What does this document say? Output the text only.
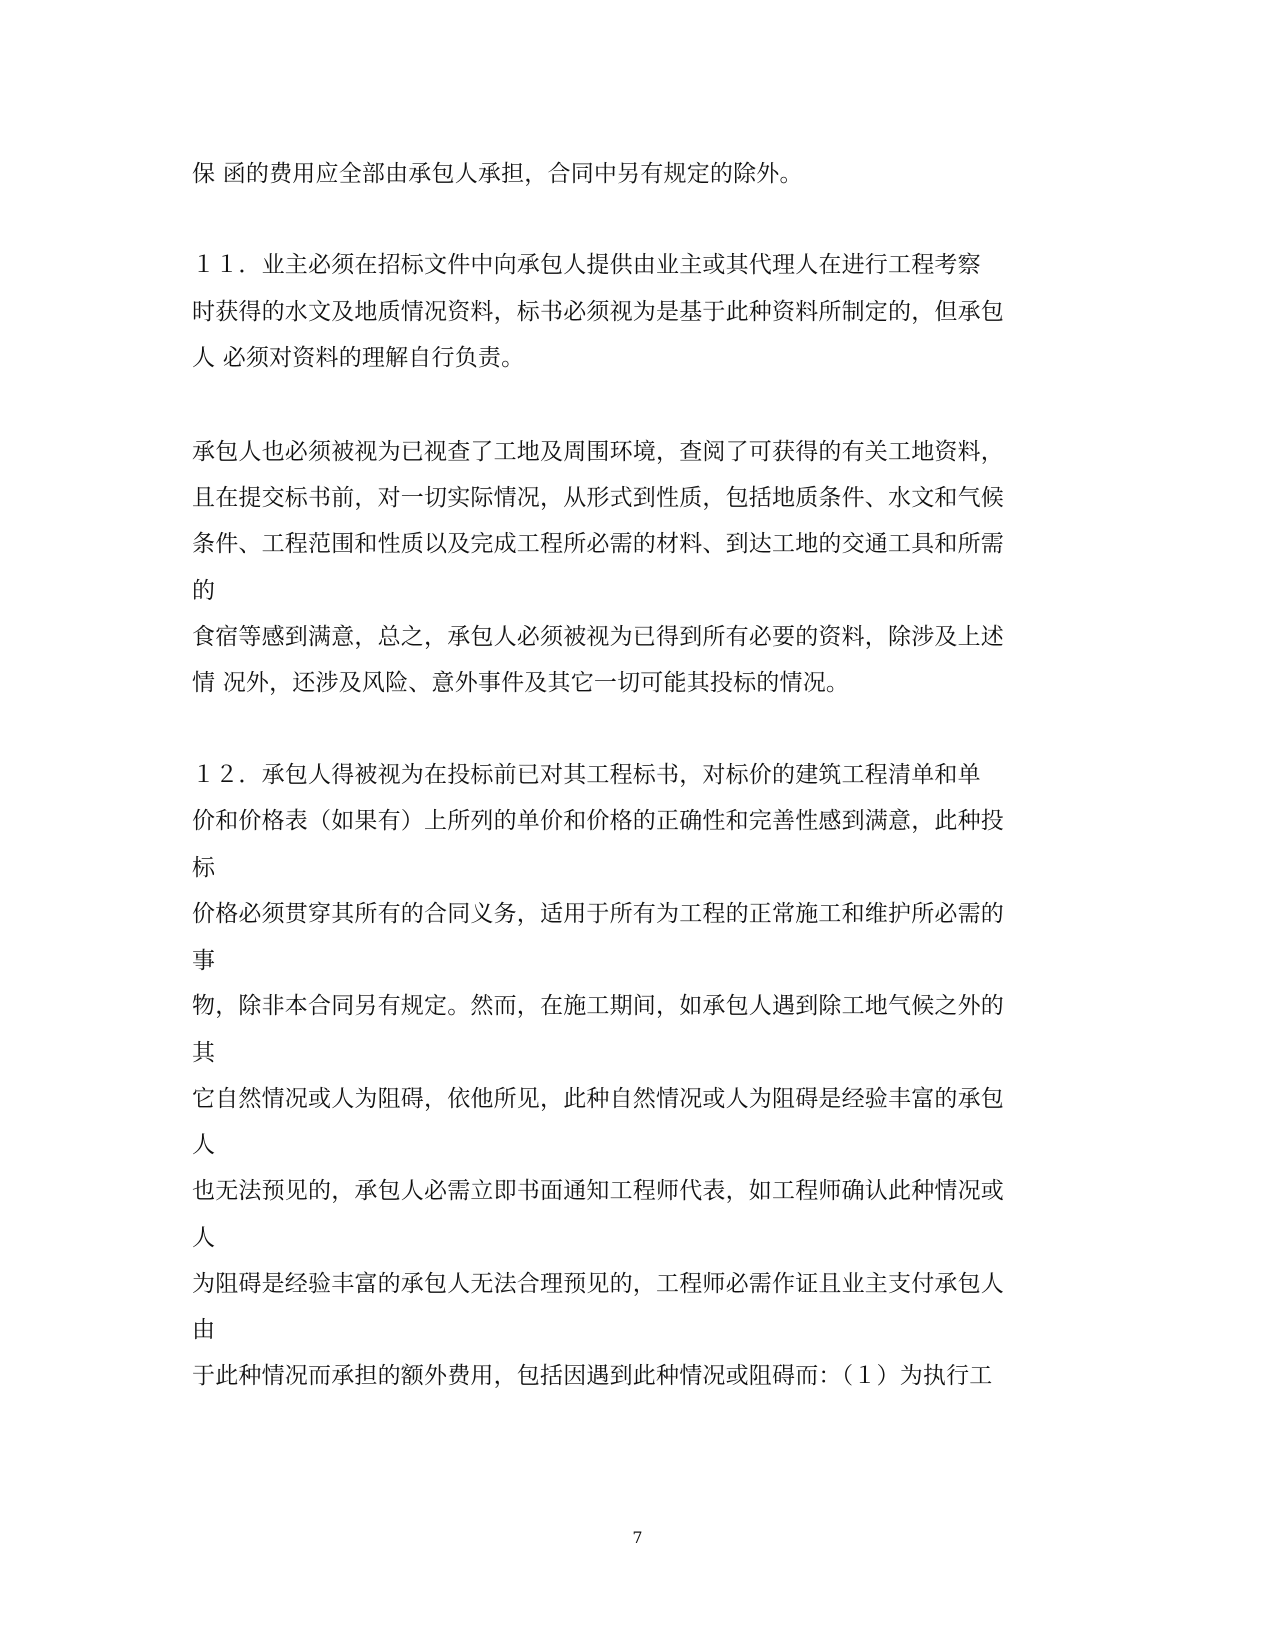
保 函的费用应全部由承包人承担，合同中另有规定的除外。
１１．业主必须在招标文件中向承包人提供由业主或其代理人在进行工程考察
时获得的水文及地质情况资料，标书必须视为是基于此种资料所制定的，但承包
人 必须对资料的理解自行负责。
承包人也必须被视为已视查了工地及周围环境，查阅了可获得的有关工地资料，
且在提交标书前，对一切实际情况，从形式到性质，包括地质条件、水文和气候
条件、工程范围和性质以及完成工程所必需的材料、到达工地的交通工具和所需
的
食宿等感到满意，总之，承包人必须被视为已得到所有必要的资料，除涉及上述
情 况外，还涉及风险、意外事件及其它一切可能其投标的情况。
１２．承包人得被视为在投标前已对其工程标书，对标价的建筑工程清单和单
价和价格表（如果有）上所列的单价和价格的正确性和完善性感到满意，此种投
标
价格必须贯穿其所有的合同义务，适用于所有为工程的正常施工和维护所必需的
事
物，除非本合同另有规定。然而，在施工期间，如承包人遇到除工地气候之外的
其
它自然情况或人为阻碍，依他所见，此种自然情况或人为阻碍是经验丰富的承包
人
也无法预见的，承包人必需立即书面通知工程师代表，如工程师确认此种情况或
人
为阻碍是经验丰富的承包人无法合理预见的，工程师必需作证且业主支付承包人
由
于此种情况而承担的额外费用，包括因遇到此种情况或阻碍而：（１）为执行工
7
